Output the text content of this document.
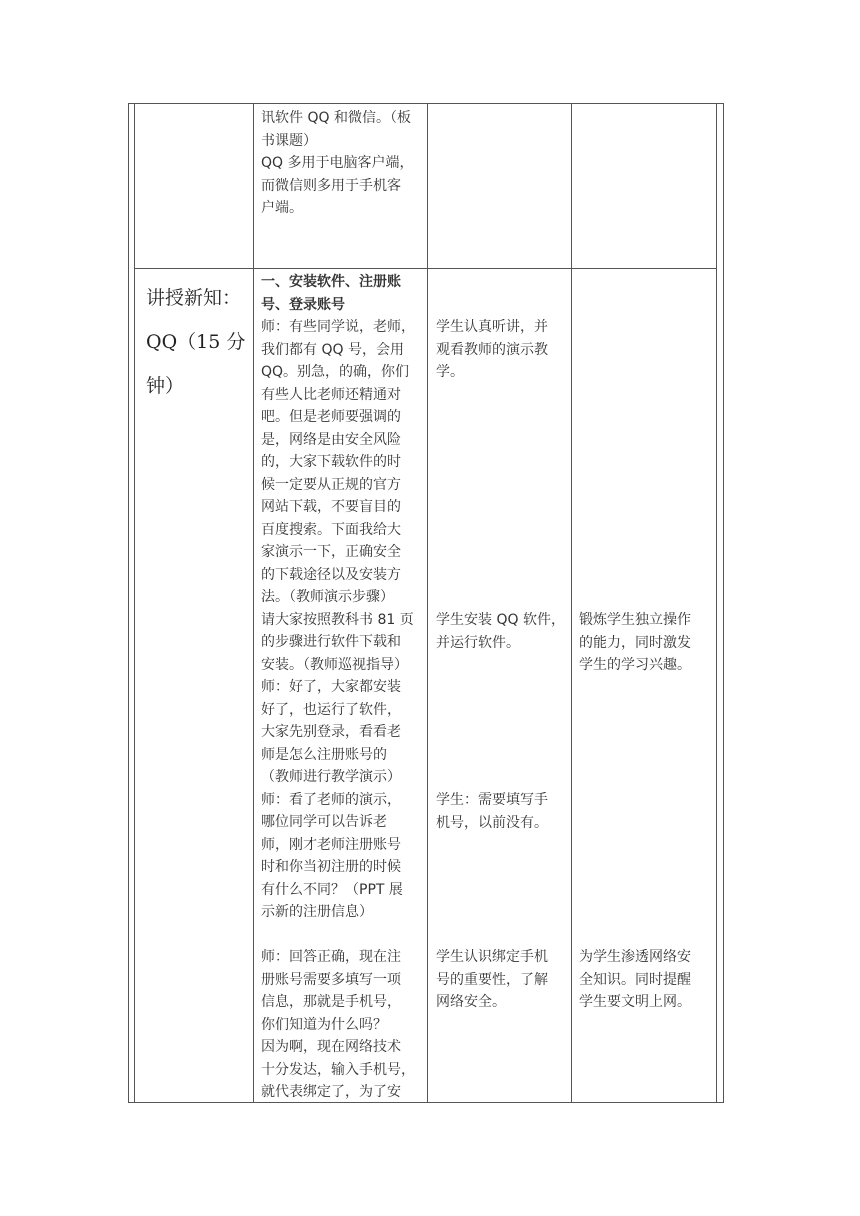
讯软件 QQ 和微信。（板

书课题）

QQ 多用于电脑客户端，

而微信则多用于手机客

户端。

讲授新知：

QQ（15 分

钟）

一、安装软件、注册账

号、登录账号

师：有些同学说，老师，

我们都有 QQ 号，会用

QQ。别急，的确，你们

有些人比老师还精通对

吧。但是老师要强调的

是，网络是由安全风险

的，大家下载软件的时

候一定要从正规的官方

网站下载，不要盲目的

百度搜索。下面我给大

家演示一下，正确安全

的下载途径以及安装方

法。（教师演示步骤）

请大家按照教科书 81 页

的步骤进行软件下载和

安装。（教师巡视指导）

师：好了，大家都安装

好了，也运行了软件，

大家先别登录，看看老

师是怎么注册账号的

（教师进行教学演示）

师：看了老师的演示，

哪位同学可以告诉老

师，刚才老师注册账号

时和你当初注册的时候

有什么不同？（PPT 展

示新的注册信息）

师：回答正确，现在注

册账号需要多填写一项

信息，那就是手机号，

你们知道为什么吗？

因为啊，现在网络技术

十分发达，输入手机号，

就代表绑定了，为了安

学生认真听讲，并

观看教师的演示教

学。

学生安装 QQ 软件，

并运行软件。

学生：需要填写手

机号，以前没有。

学生认识绑定手机

号的重要性，了解

网络安全。

锻炼学生独立操作

的能力，同时激发

学生的学习兴趣。

为学生渗透网络安

全知识。同时提醒

学生要文明上网。
